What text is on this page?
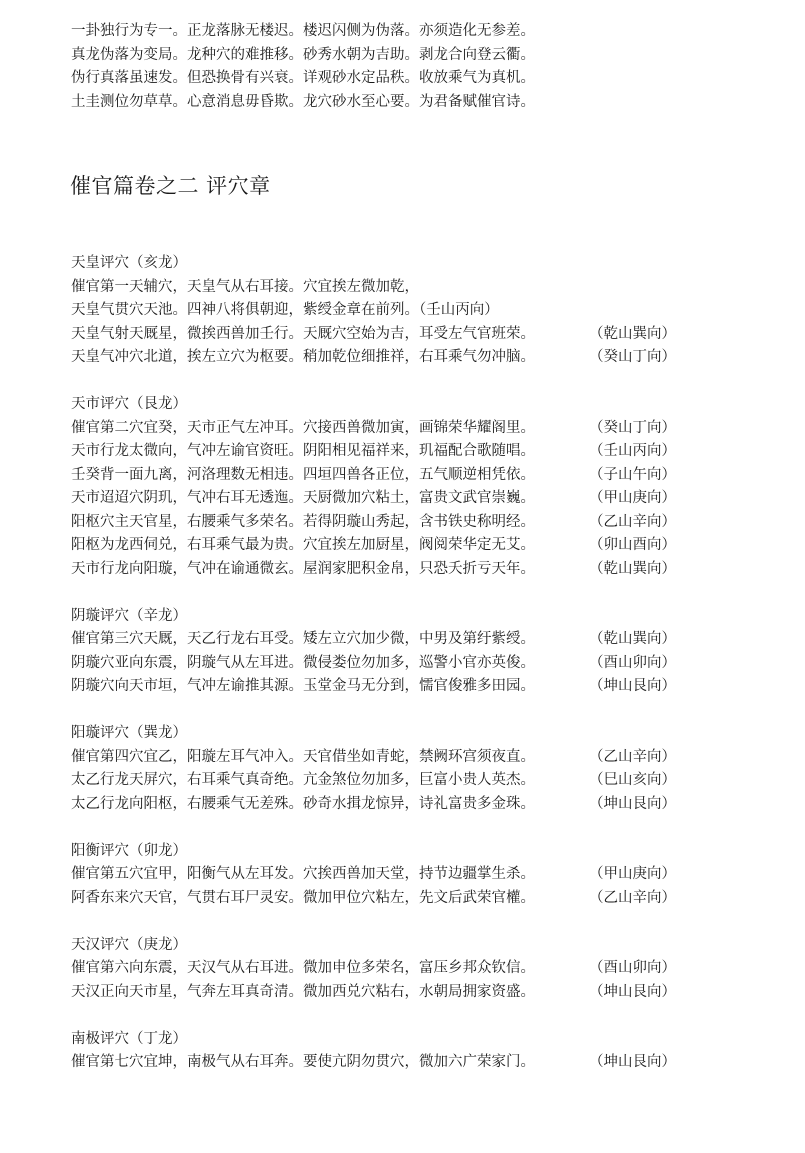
一卦独行为专一。正龙落脉无楼迟。楼迟闪侧为伪落。亦须造化无参差。
真龙伪落为变局。龙种穴的难推移。砂秀水朝为吉助。剥龙合向登云衢。
伪行真落虽速发。但恐换骨有兴衰。详观砂水定品秩。收放乘气为真机。
土圭测位勿草草。心意消息毋昏欺。龙穴砂水至心要。为君备赋催官诗。
催官篇卷之二 评穴章
天皇评穴（亥龙）
催官第一天辅穴，天皇气从右耳接。穴宜挨左微加乾，
天皇气贯穴天池。四神八将俱朝迎，紫绶金章在前列。（壬山丙向）
天皇气射天厩星，微挨西兽加壬行。天厩穴空始为吉，耳受左气官班荣。	（乾山巽向）
天皇气冲穴北道，挨左立穴为枢要。稍加乾位细推祥，右耳乘气勿冲脑。	（癸山丁向）
天市评穴（艮龙）
催官第二穴宜癸，天市正气左冲耳。穴接西兽微加寅，画锦荣华耀阁里。	（癸山丁向）
天市行龙太微向，气冲左谕官资旺。阴阳相见福祥来，玑福配合歌随唱。	（壬山丙向）
壬癸背一面九离，河洛理数无相违。四垣四兽各正位，五气顺逆相凭依。	（子山午向）
天市迢迢穴阴玑，气冲右耳无透迤。天厨微加穴粘土，富贵文武官崇巍。	（甲山庚向）
阳枢穴主天官星，右腰乘气多荣名。若得阴璇山秀起，含书铁史称明经。	（乙山辛向）
阳枢为龙西伺兑，右耳乘气最为贵。穴宜挨左加厨星，阀阅荣华定无艾。	（卯山酉向）
天市行龙向阳璇，气冲在谕通微玄。屋润家肥积金帛，只恐夭折亏天年。	（乾山巽向）
阴璇评穴（辛龙）
催官第三穴天厩，天乙行龙右耳受。矮左立穴加少微，中男及第纡紫绶。	（乾山巽向）
阴璇穴亚向东震，阴璇气从左耳进。微侵娄位勿加多，巡警小官亦英俊。	（酉山卯向）
阴璇穴向天市垣，气冲左谕推其源。玉堂金马无分到，懦官俊雅多田园。	（坤山艮向）
阳璇评穴（巽龙）
催官第四穴宜乙，阳璇左耳气冲入。天官借坐如青蛇，禁阙环宫须夜直。	（乙山辛向）
太乙行龙天屏穴，右耳乘气真奇绝。亢金煞位勿加多，巨富小贵人英杰。	（巳山亥向）
太乙行龙向阳枢，右腰乘气无差殊。砂奇水揖龙惊异，诗礼富贵多金珠。	（坤山艮向）
阳衡评穴（卯龙）
催官第五穴宜甲，阳衡气从左耳发。穴挨西兽加天堂，持节边疆掌生杀。	（甲山庚向）
阿香东来穴天官，气贯右耳尸灵安。微加甲位穴粘左，先文后武荣官權。	（乙山辛向）
天汉评穴（庚龙）
催官第六向东震，天汉气从右耳进。微加申位多荣名，富压乡邦众钦信。	（酉山卯向）
天汉正向天市星，气奔左耳真奇清。微加西兑穴粘右，水朝局拥家资盛。	（坤山艮向）
南极评穴（丁龙）
催官第七穴宜坤，南极气从右耳奔。要使亢阴勿贯穴，微加六广荣家门。	（坤山艮向）
